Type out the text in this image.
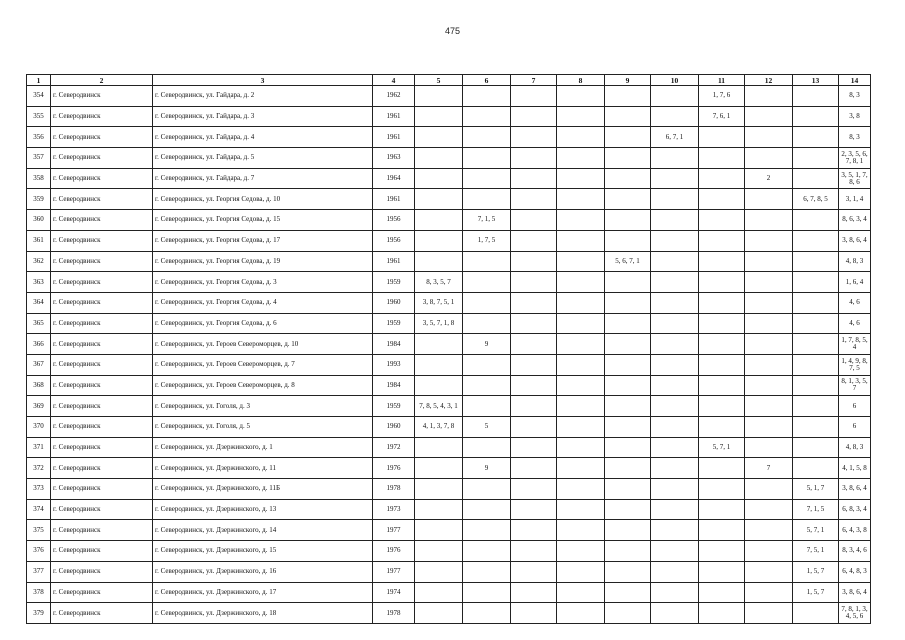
475
1	2	3	4	5	6	7	8	9	10	11	12	13	14
354	г. Северодвинск	г. Северодвинск, ул. Гайдара, д. 2	1962							1, 7, 6			8, 3
355	г. Северодвинск	г. Северодвинск, ул. Гайдара, д. 3	1961							7, 6, 1			3, 8
356	г. Северодвинск	г. Северодвинск, ул. Гайдара, д. 4	1961						6, 7, 1				8, 3
357	г. Северодвинск	г. Северодвинск, ул. Гайдара, д. 5	1963										2, 3, 5, 6, 7, 8, 1
358	г. Северодвинск	г. Северодвинск, ул. Гайдара, д. 7	1964								2		3, 5, 1, 7, 8, 6
359	г. Северодвинск	г. Северодвинск, ул. Георгия Седова, д. 10	1961									6, 7, 8, 5	3, 1, 4
360	г. Северодвинск	г. Северодвинск, ул. Георгия Седова, д. 15	1956		7, 1, 5								8, 6, 3, 4
361	г. Северодвинск	г. Северодвинск, ул. Георгия Седова, д. 17	1956		1, 7, 5								3, 8, 6, 4
362	г. Северодвинск	г. Северодвинск, ул. Георгия Седова, д. 19	1961					5, 6, 7, 1					4, 8, 3
363	г. Северодвинск	г. Северодвинск, ул. Георгия Седова, д. 3	1959	8, 3, 5, 7									1, 6, 4
364	г. Северодвинск	г. Северодвинск, ул. Георгия Седова, д. 4	1960	3, 8, 7, 5, 1									4, 6
365	г. Северодвинск	г. Северодвинск, ул. Георгия Седова, д. 6	1959	3, 5, 7, 1, 8									4, 6
366	г. Северодвинск	г. Северодвинск, ул. Героев Североморцев, д. 10	1984		9								1, 7, 8, 5, 4
367	г. Северодвинск	г. Северодвинск, ул. Героев Североморцев, д. 7	1993										1, 4, 9, 8, 7, 5
368	г. Северодвинск	г. Северодвинск, ул. Героев Североморцев, д. 8	1984										8, 1, 3, 5, 7
369	г. Северодвинск	г. Северодвинск, ул. Гоголя, д. 3	1959	7, 8, 5, 4, 3, 1									6
370	г. Северодвинск	г. Северодвинск, ул. Гоголя, д. 5	1960	4, 1, 3, 7, 8	5								6
371	г. Северодвинск	г. Северодвинск, ул. Дзержинского, д. 1	1972							5, 7, 1			4, 8, 3
372	г. Северодвинск	г. Северодвинск, ул. Дзержинского, д. 11	1976		9						7		4, 1, 5, 8
373	г. Северодвинск	г. Северодвинск, ул. Дзержинского, д. 11Б	1978									5, 1, 7	3, 8, 6, 4
374	г. Северодвинск	г. Северодвинск, ул. Дзержинского, д. 13	1973									7, 1, 5	6, 8, 3, 4
375	г. Северодвинск	г. Северодвинск, ул. Дзержинского, д. 14	1977									5, 7, 1	6, 4, 3, 8
376	г. Северодвинск	г. Северодвинск, ул. Дзержинского, д. 15	1976									7, 5, 1	8, 3, 4, 6
377	г. Северодвинск	г. Северодвинск, ул. Дзержинского, д. 16	1977									1, 5, 7	6, 4, 8, 3
378	г. Северодвинск	г. Северодвинск, ул. Дзержинского, д. 17	1974									1, 5, 7	3, 8, 6, 4
379	г. Северодвинск	г. Северодвинск, ул. Дзержинского, д. 18	1978										7, 8, 1, 3, 4, 5, 6
